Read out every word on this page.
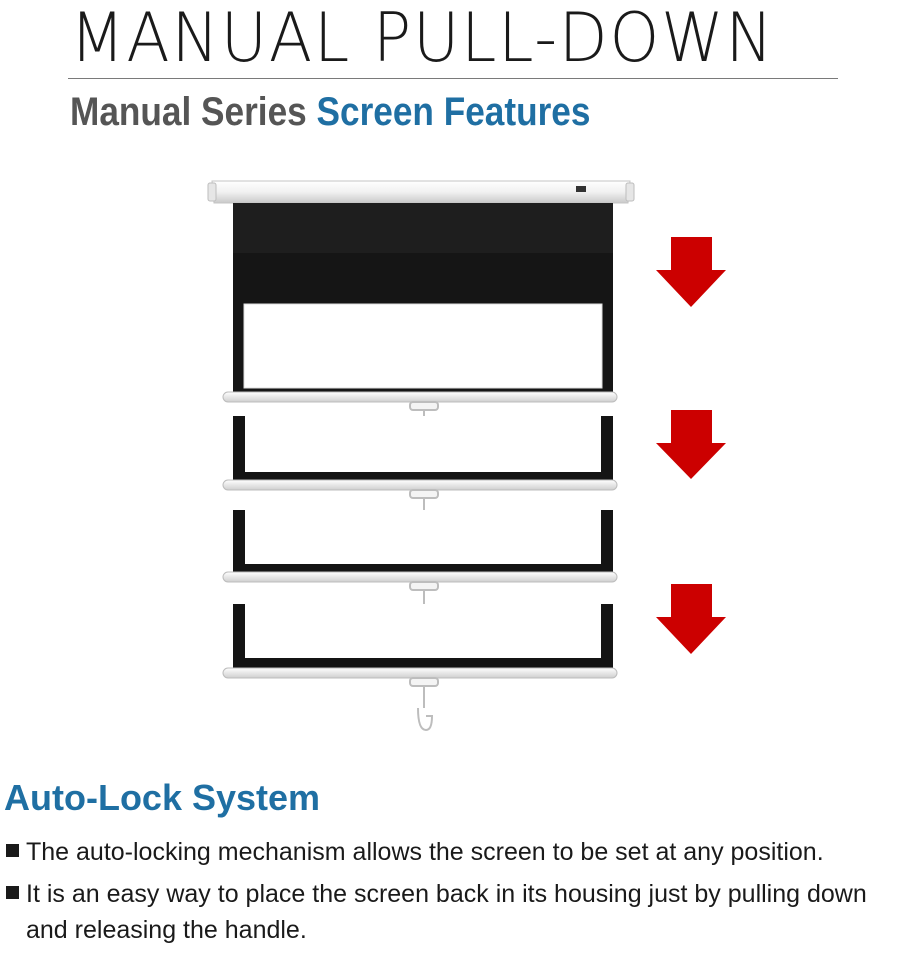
MANUAL PULL-DOWN
Manual Series Screen Features
Auto-Lock System
The auto-locking mechanism allows the screen to be set at any position.
It is an easy way to place the screen back in its housing just by pulling down and releasing the handle.
